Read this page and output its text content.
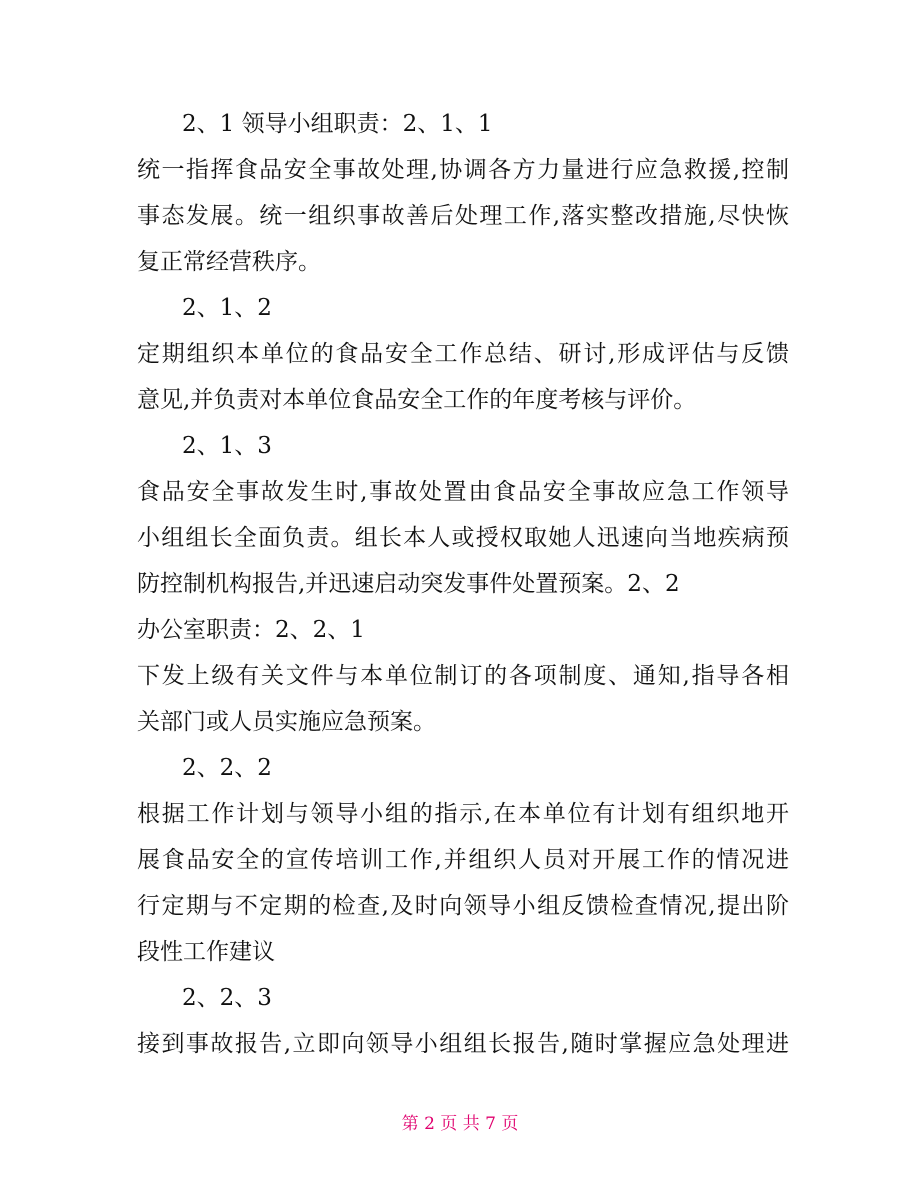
2、1 领导小组职责：2、1、1
统一指挥食品安全事故处理,协调各方力量进行应急救援,控制
事态发展。统一组织事故善后处理工作,落实整改措施,尽快恢
复正常经营秩序。
2、1、2
定期组织本单位的食品安全工作总结、研讨,形成评估与反馈
意见,并负责对本单位食品安全工作的年度考核与评价。
2、1、3
食品安全事故发生时,事故处置由食品安全事故应急工作领导
小组组长全面负责。组长本人或授权取她人迅速向当地疾病预
防控制机构报告,并迅速启动突发事件处置预案。2、2
办公室职责：2、2、1
下发上级有关文件与本单位制订的各项制度、通知,指导各相
关部门或人员实施应急预案。
2、2、2
根据工作计划与领导小组的指示,在本单位有计划有组织地开
展食品安全的宣传培训工作,并组织人员对开展工作的情况进
行定期与不定期的检查,及时向领导小组反馈检查情况,提出阶
段性工作建议
2、2、3
接到事故报告,立即向领导小组组长报告,随时掌握应急处理进
第 2 页 共 7 页
